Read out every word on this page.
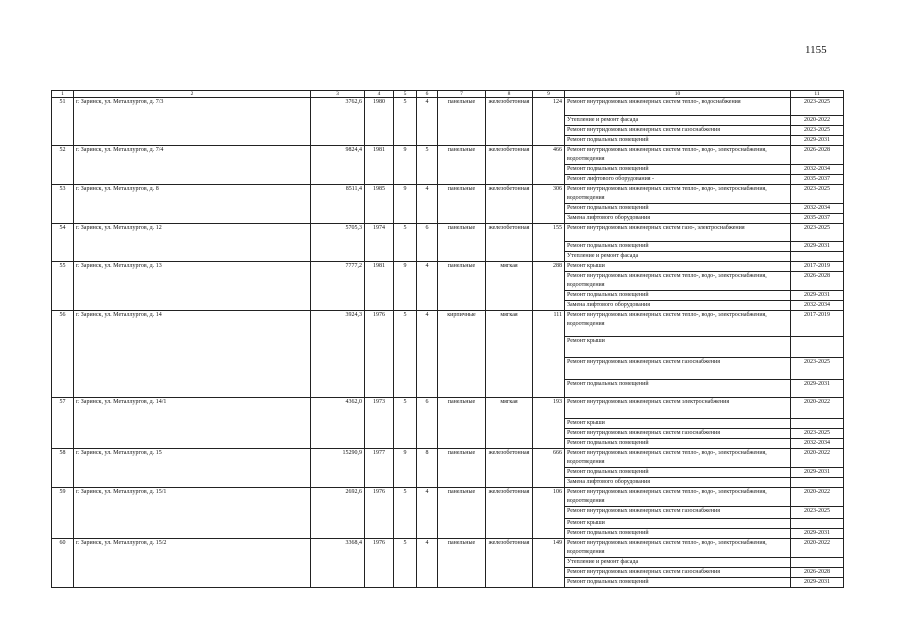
1155
1	2	3	4	5	6	7	8	9	10	11
51	г. Заринск, ул. Металлургов, д. 7/3	3762,6	1980	5	4	панельные	железобетонная	124	Ремонт внутридомовых инженерных систем тепло-, водоснабжения	2023-2025
									Утепление и ремонт фасада	2020-2022
									Ремонт внутридомовых инженерных систем газоснабжения	2023-2025
									Ремонт подвальных помещений	2029-2031
52	г. Заринск, ул. Металлургов, д. 7/4	9824,4	1981	9	5	панельные	железобетонная	466	Ремонт внутридомовых инженерных систем тепло-, водо-, электроснабжения, водоотведения	2026-2028
									Ремонт подвальных помещений	2032-2034
									Ремонт лифтового оборудования -	2035-2037
53	г. Заринск, ул. Металлургов, д. 8	8511,4	1985	9	4	панельные	железобетонная	306	Ремонт внутридомовых инженерных систем тепло-, водо-, электроснабжения, водоотведения	2023-2025
									Ремонт подвальных помещений	2032-2034
									Замена лифтового оборудования	2035-2037
54	г. Заринск, ул. Металлургов, д. 12	5705,3	1974	5	6	панельные	железобетонная	155	Ремонт внутридомовых инженерных систем газо-, электроснабжения	2023-2025
									Ремонт подвальных помещений	2029-2031
									Утепление и ремонт фасада	
55	г. Заринск, ул. Металлургов, д. 13	7777,2	1981	9	4	панельные	мягкая	288	Ремонт крыши	2017-2019
									Ремонт внутридомовых инженерных систем тепло-, водо-, электроснабжения, водоотведения	2026-2028
									Ремонт подвальных помещений	2029-2031
									Замена лифтового оборудования	2032-2034
56	г. Заринск, ул. Металлургов, д. 14	3924,3	1976	5	4	кирпичные	мягкая	111	Ремонт внутридомовых инженерных систем тепло-, водо-, электроснабжения, водоотведения	2017-2019
									Ремонт крыши	
									Ремонт внутридомовых инженерных систем газоснабжения	2023-2025
									Ремонт подвальных помещений	2029-2031
57	г. Заринск, ул. Металлургов, д. 14/1	4362,0	1973	5	6	панельные	мягкая	193	Ремонт внутридомовых инженерных систем электроснабжения	2020-2022
									Ремонт крыши	
									Ремонт внутридомовых инженерных систем газоснабжения	2023-2025
									Ремонт подвальных помещений	2032-2034
58	г. Заринск, ул. Металлургов, д. 15	15290,9	1977	9	8	панельные	железобетонная	666	Ремонт внутридомовых инженерных систем тепло-, водо-, электроснабжения, водоотведения	2020-2022
									Ремонт подвальных помещений	2029-2031
									Замена лифтового оборудования	
59	г. Заринск, ул. Металлургов, д. 15/1	2692,6	1976	5	4	панельные	железобетонная	106	Ремонт внутридомовых инженерных систем тепло-, водо-, электроснабжения, водоотведения	2020-2022
									Ремонт внутридомовых инженерных систем газоснабжения	2023-2025
									Ремонт крыши	
									Ремонт подвальных помещений	2029-2031
60	г. Заринск, ул. Металлургов, д. 15/2	3368,4	1976	5	4	панельные	железобетонная	149	Ремонт внутридомовых инженерных систем тепло-, водо-, электроснабжения, водоотведения	2020-2022
									Утепление и ремонт фасада	
									Ремонт внутридомовых инженерных систем газоснабжения	2026-2028
									Ремонт подвальных помещений	2029-2031
